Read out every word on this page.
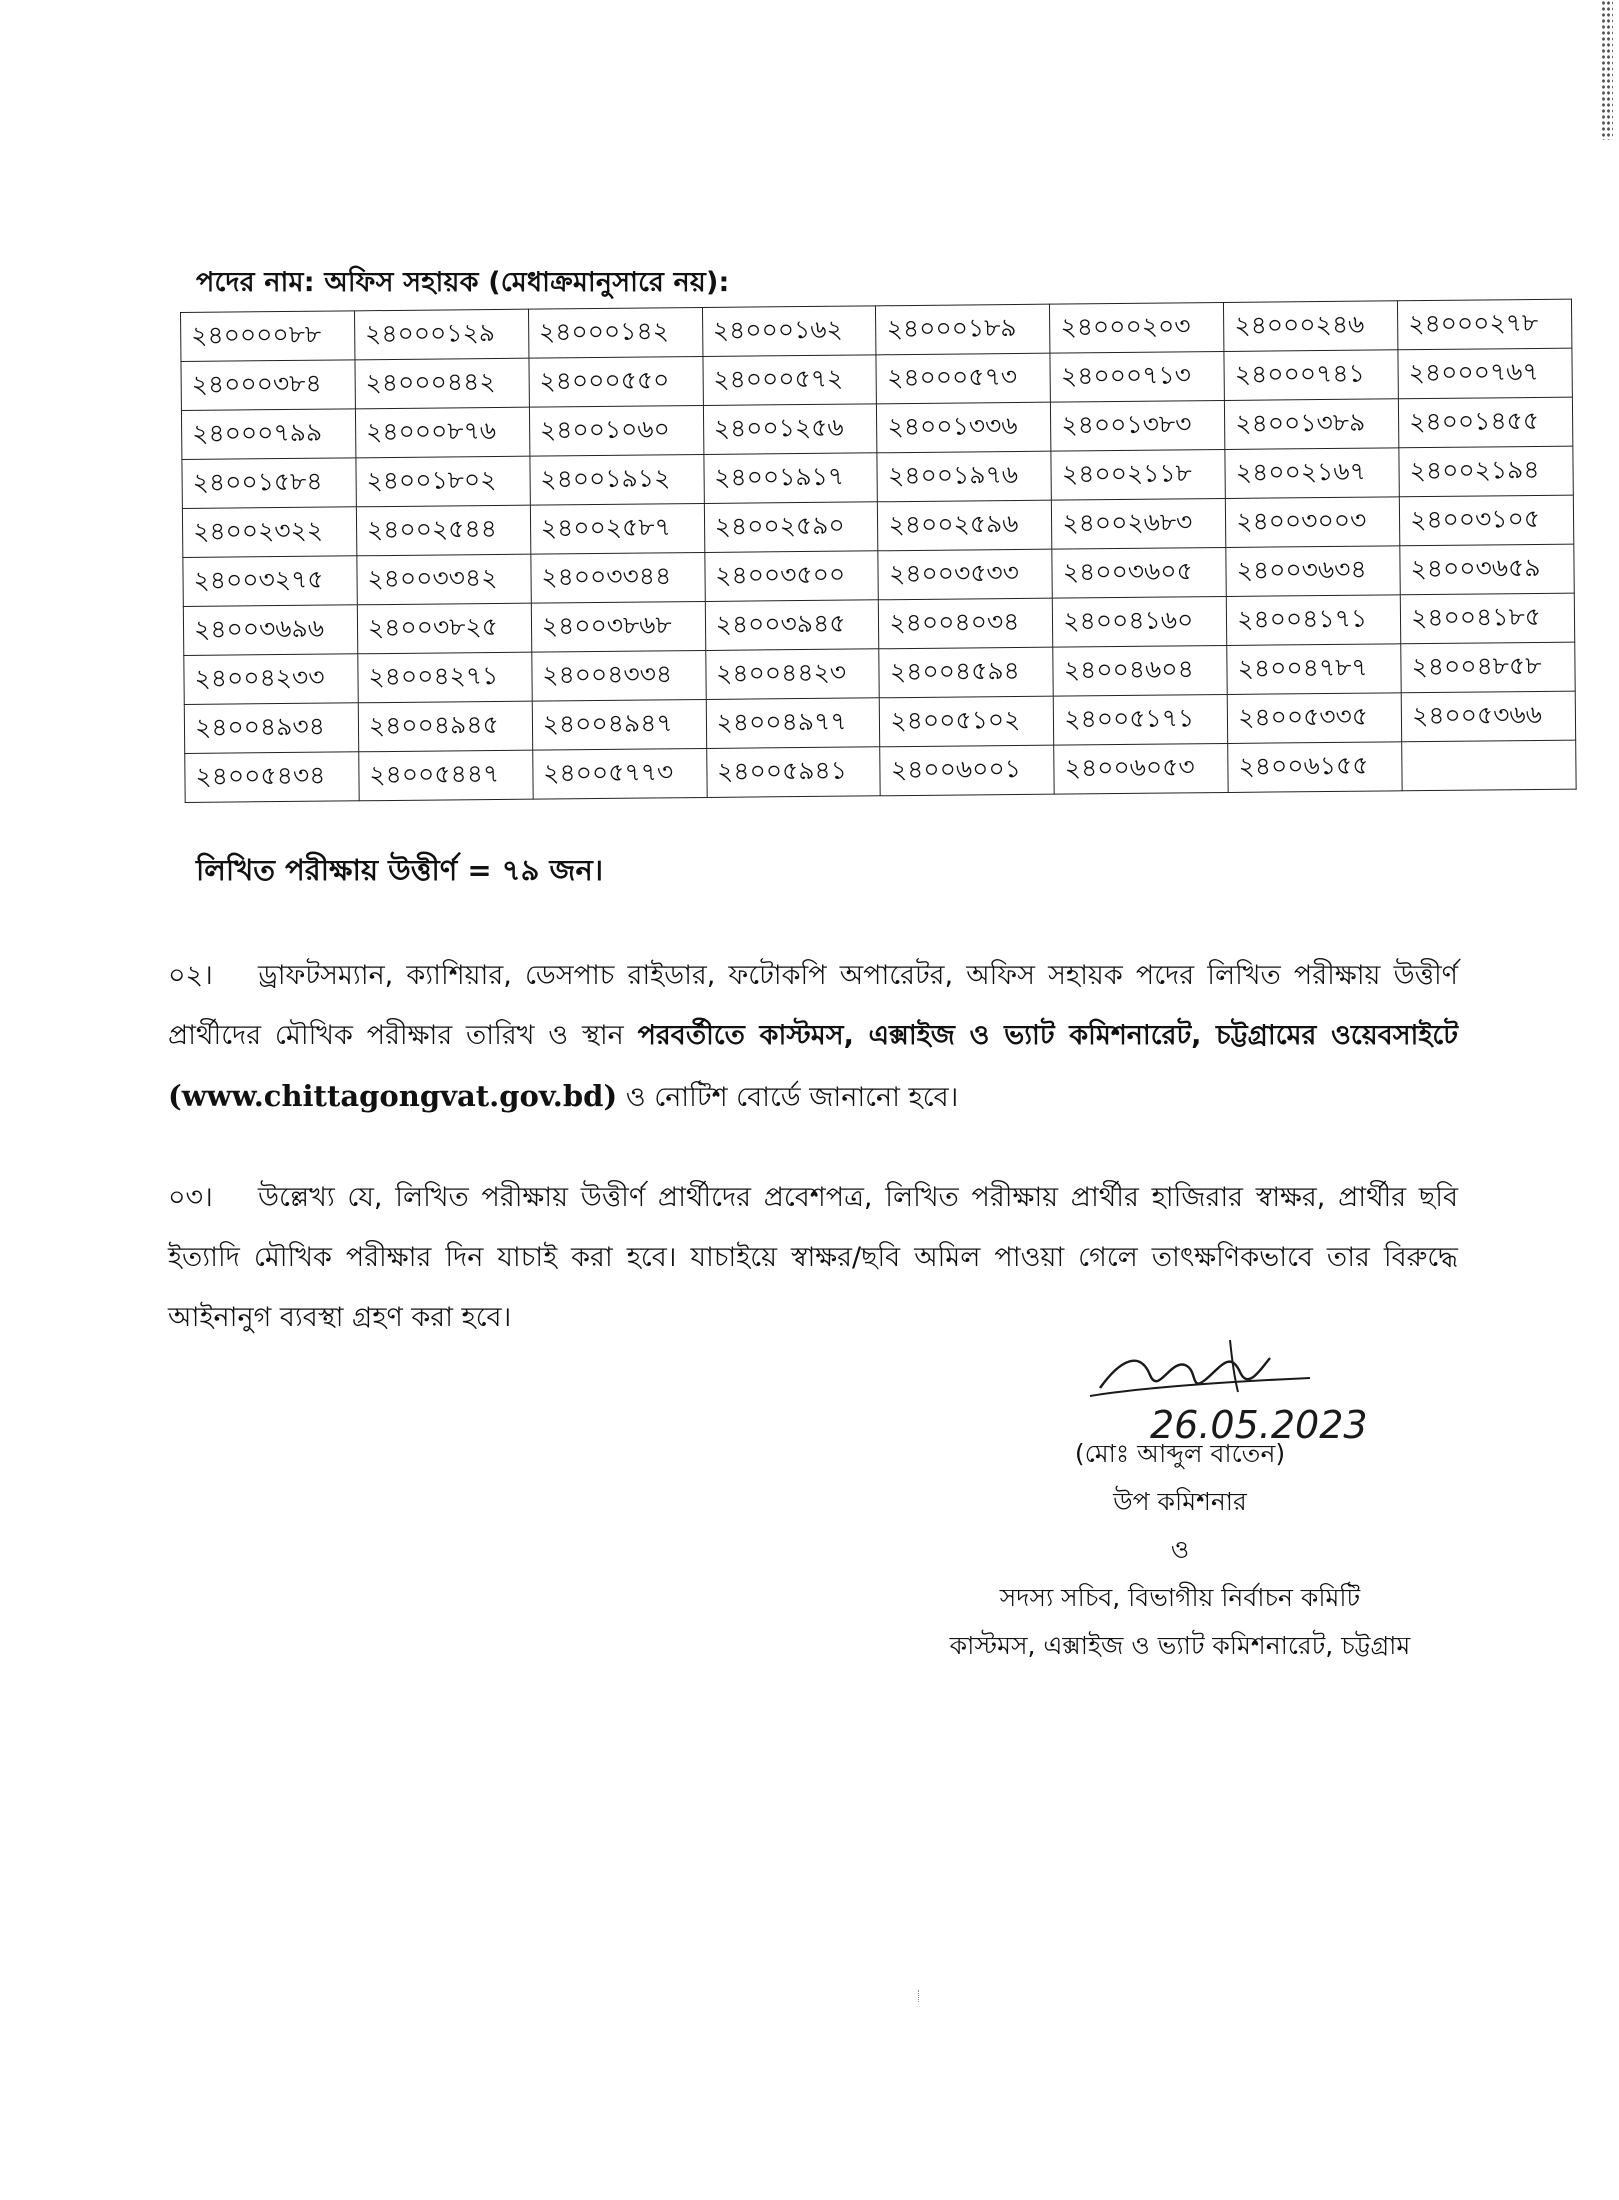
পদের নাম: অফিস সহায়ক (মেধাক্রমানুসারে নয়):
২৪০০০০৮৮	২৪০০০১২৯	২৪০০০১৪২	২৪০০০১৬২	২৪০০০১৮৯	২৪০০০২০৩	২৪০০০২৪৬	২৪০০০২৭৮
২৪০০০৩৮৪	২৪০০০৪৪২	২৪০০০৫৫০	২৪০০০৫৭২	২৪০০০৫৭৩	২৪০০০৭১৩	২৪০০০৭৪১	২৪০০০৭৬৭
২৪০০০৭৯৯	২৪০০০৮৭৬	২৪০০১০৬০	২৪০০১২৫৬	২৪০০১৩৩৬	২৪০০১৩৮৩	২৪০০১৩৮৯	২৪০০১৪৫৫
২৪০০১৫৮৪	২৪০০১৮০২	২৪০০১৯১২	২৪০০১৯১৭	২৪০০১৯৭৬	২৪০০২১১৮	২৪০০২১৬৭	২৪০০২১৯৪
২৪০০২৩২২	২৪০০২৫৪৪	২৪০০২৫৮৭	২৪০০২৫৯০	২৪০০২৫৯৬	২৪০০২৬৮৩	২৪০০৩০০৩	২৪০০৩১০৫
২৪০০৩২৭৫	২৪০০৩৩৪২	২৪০০৩৩৪৪	২৪০০৩৫০০	২৪০০৩৫৩৩	২৪০০৩৬০৫	২৪০০৩৬৩৪	২৪০০৩৬৫৯
২৪০০৩৬৯৬	২৪০০৩৮২৫	২৪০০৩৮৬৮	২৪০০৩৯৪৫	২৪০০৪০৩৪	২৪০০৪১৬০	২৪০০৪১৭১	২৪০০৪১৮৫
২৪০০৪২৩৩	২৪০০৪২৭১	২৪০০৪৩৩৪	২৪০০৪৪২৩	২৪০০৪৫৯৪	২৪০০৪৬০৪	২৪০০৪৭৮৭	২৪০০৪৮৫৮
২৪০০৪৯৩৪	২৪০০৪৯৪৫	২৪০০৪৯৪৭	২৪০০৪৯৭৭	২৪০০৫১০২	২৪০০৫১৭১	২৪০০৫৩৩৫	২৪০০৫৩৬৬
২৪০০৫৪৩৪	২৪০০৫৪৪৭	২৪০০৫৭৭৩	২৪০০৫৯৪১	২৪০০৬০০১	২৪০০৬০৫৩	২৪০০৬১৫৫	
লিখিত পরীক্ষায় উত্তীর্ণ = ৭৯ জন।
০২। ড্রাফটসম্যান, ক্যাশিয়ার, ডেসপাচ রাইডার, ফটোকপি অপারেটর, অফিস সহায়ক পদের লিখিত পরীক্ষায় উত্তীর্ণ প্রার্থীদের মৌখিক পরীক্ষার তারিখ ও স্থান পরবর্তীতে কাস্টমস, এক্সাইজ ও ভ্যাট কমিশনারেট, চট্টগ্রামের ওয়েবসাইটে (www.chittagongvat.gov.bd) ও নোটিশ বোর্ডে জানানো হবে।
০৩। উল্লেখ্য যে, লিখিত পরীক্ষায় উত্তীর্ণ প্রার্থীদের প্রবেশপত্র, লিখিত পরীক্ষায় প্রার্থীর হাজিরার স্বাক্ষর, প্রার্থীর ছবি ইত্যাদি মৌখিক পরীক্ষার দিন যাচাই করা হবে। যাচাইয়ে স্বাক্ষর/ছবি অমিল পাওয়া গেলে তাৎক্ষণিকভাবে তার বিরুদ্ধে আইনানুগ ব্যবস্থা গ্রহণ করা হবে।
26.05.2023
(মোঃ আব্দুল বাতেন)
উপ কমিশনার
ও
সদস্য সচিব, বিভাগীয় নির্বাচন কমিটি
কাস্টমস, এক্সাইজ ও ভ্যাট কমিশনারেট, চট্টগ্রাম
